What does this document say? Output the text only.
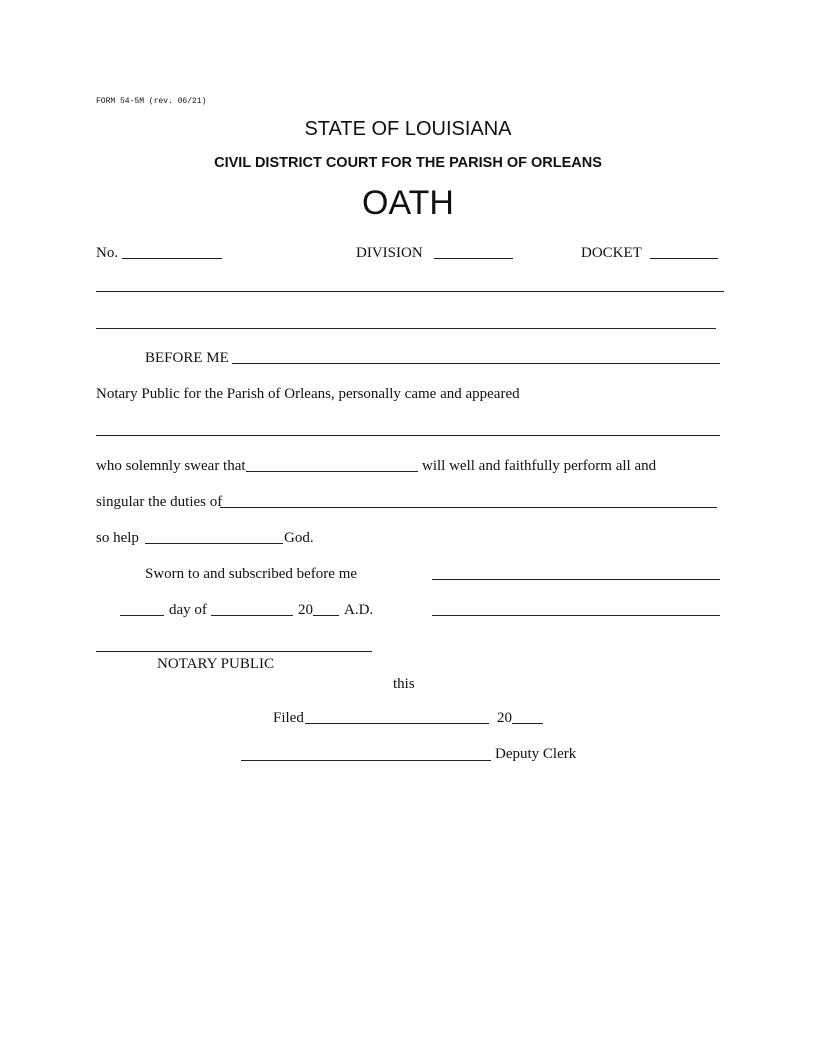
FORM 54-5M (rev. 06/21)
STATE OF LOUISIANA
CIVIL DISTRICT COURT FOR THE PARISH OF ORLEANS
OATH
No.	DIVISION	DOCKET
BEFORE ME
Notary Public for the Parish of Orleans, personally came and appeared
who solemnly swear that	will well and faithfully perform all and
singular the duties of
so help	God.
Sworn to and subscribed before me
day of	20 A.D.
NOTARY PUBLIC
this
Filed	20
Deputy Clerk
